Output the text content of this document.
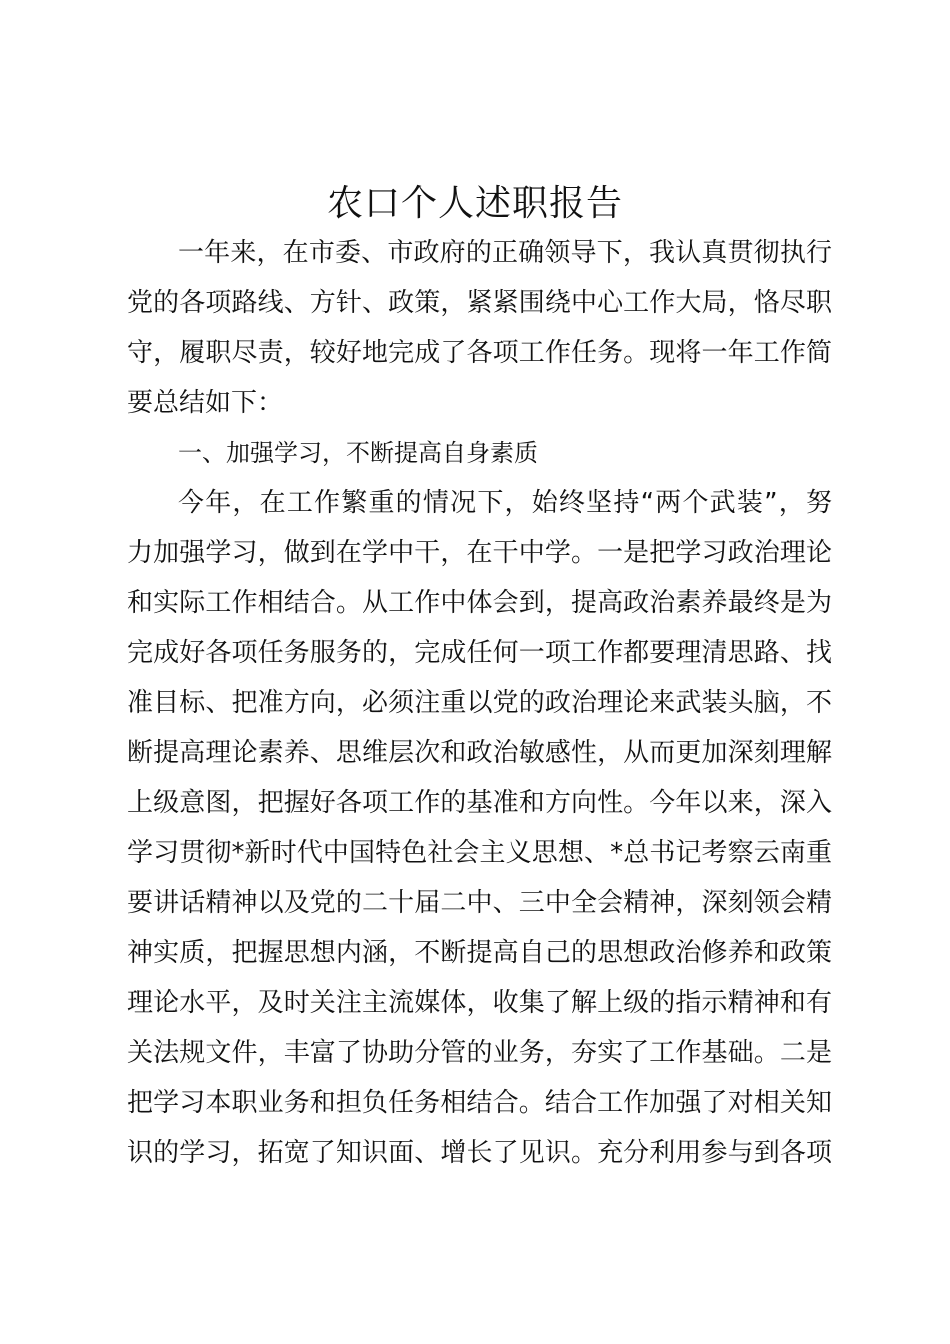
农口个人述职报告
一年来，在市委、市政府的正确领导下，我认真贯彻执行
党的各项路线、方针、政策，紧紧围绕中心工作大局，恪尽职
守，履职尽责，较好地完成了各项工作任务。现将一年工作简
要总结如下：
一、加强学习，不断提高自身素质
今年，在工作繁重的情况下，始终坚持“两个武装”，努
力加强学习，做到在学中干，在干中学。一是把学习政治理论
和实际工作相结合。从工作中体会到，提高政治素养最终是为
完成好各项任务服务的，完成任何一项工作都要理清思路、找
准目标、把准方向，必须注重以党的政治理论来武装头脑，不
断提高理论素养、思维层次和政治敏感性，从而更加深刻理解
上级意图，把握好各项工作的基准和方向性。今年以来，深入
学习贯彻*新时代中国特色社会主义思想、*总书记考察云南重
要讲话精神以及党的二十届二中、三中全会精神，深刻领会精
神实质，把握思想内涵，不断提高自己的思想政治修养和政策
理论水平，及时关注主流媒体，收集了解上级的指示精神和有
关法规文件，丰富了协助分管的业务，夯实了工作基础。二是
把学习本职业务和担负任务相结合。结合工作加强了对相关知
识的学习，拓宽了知识面、增长了见识。充分利用参与到各项
